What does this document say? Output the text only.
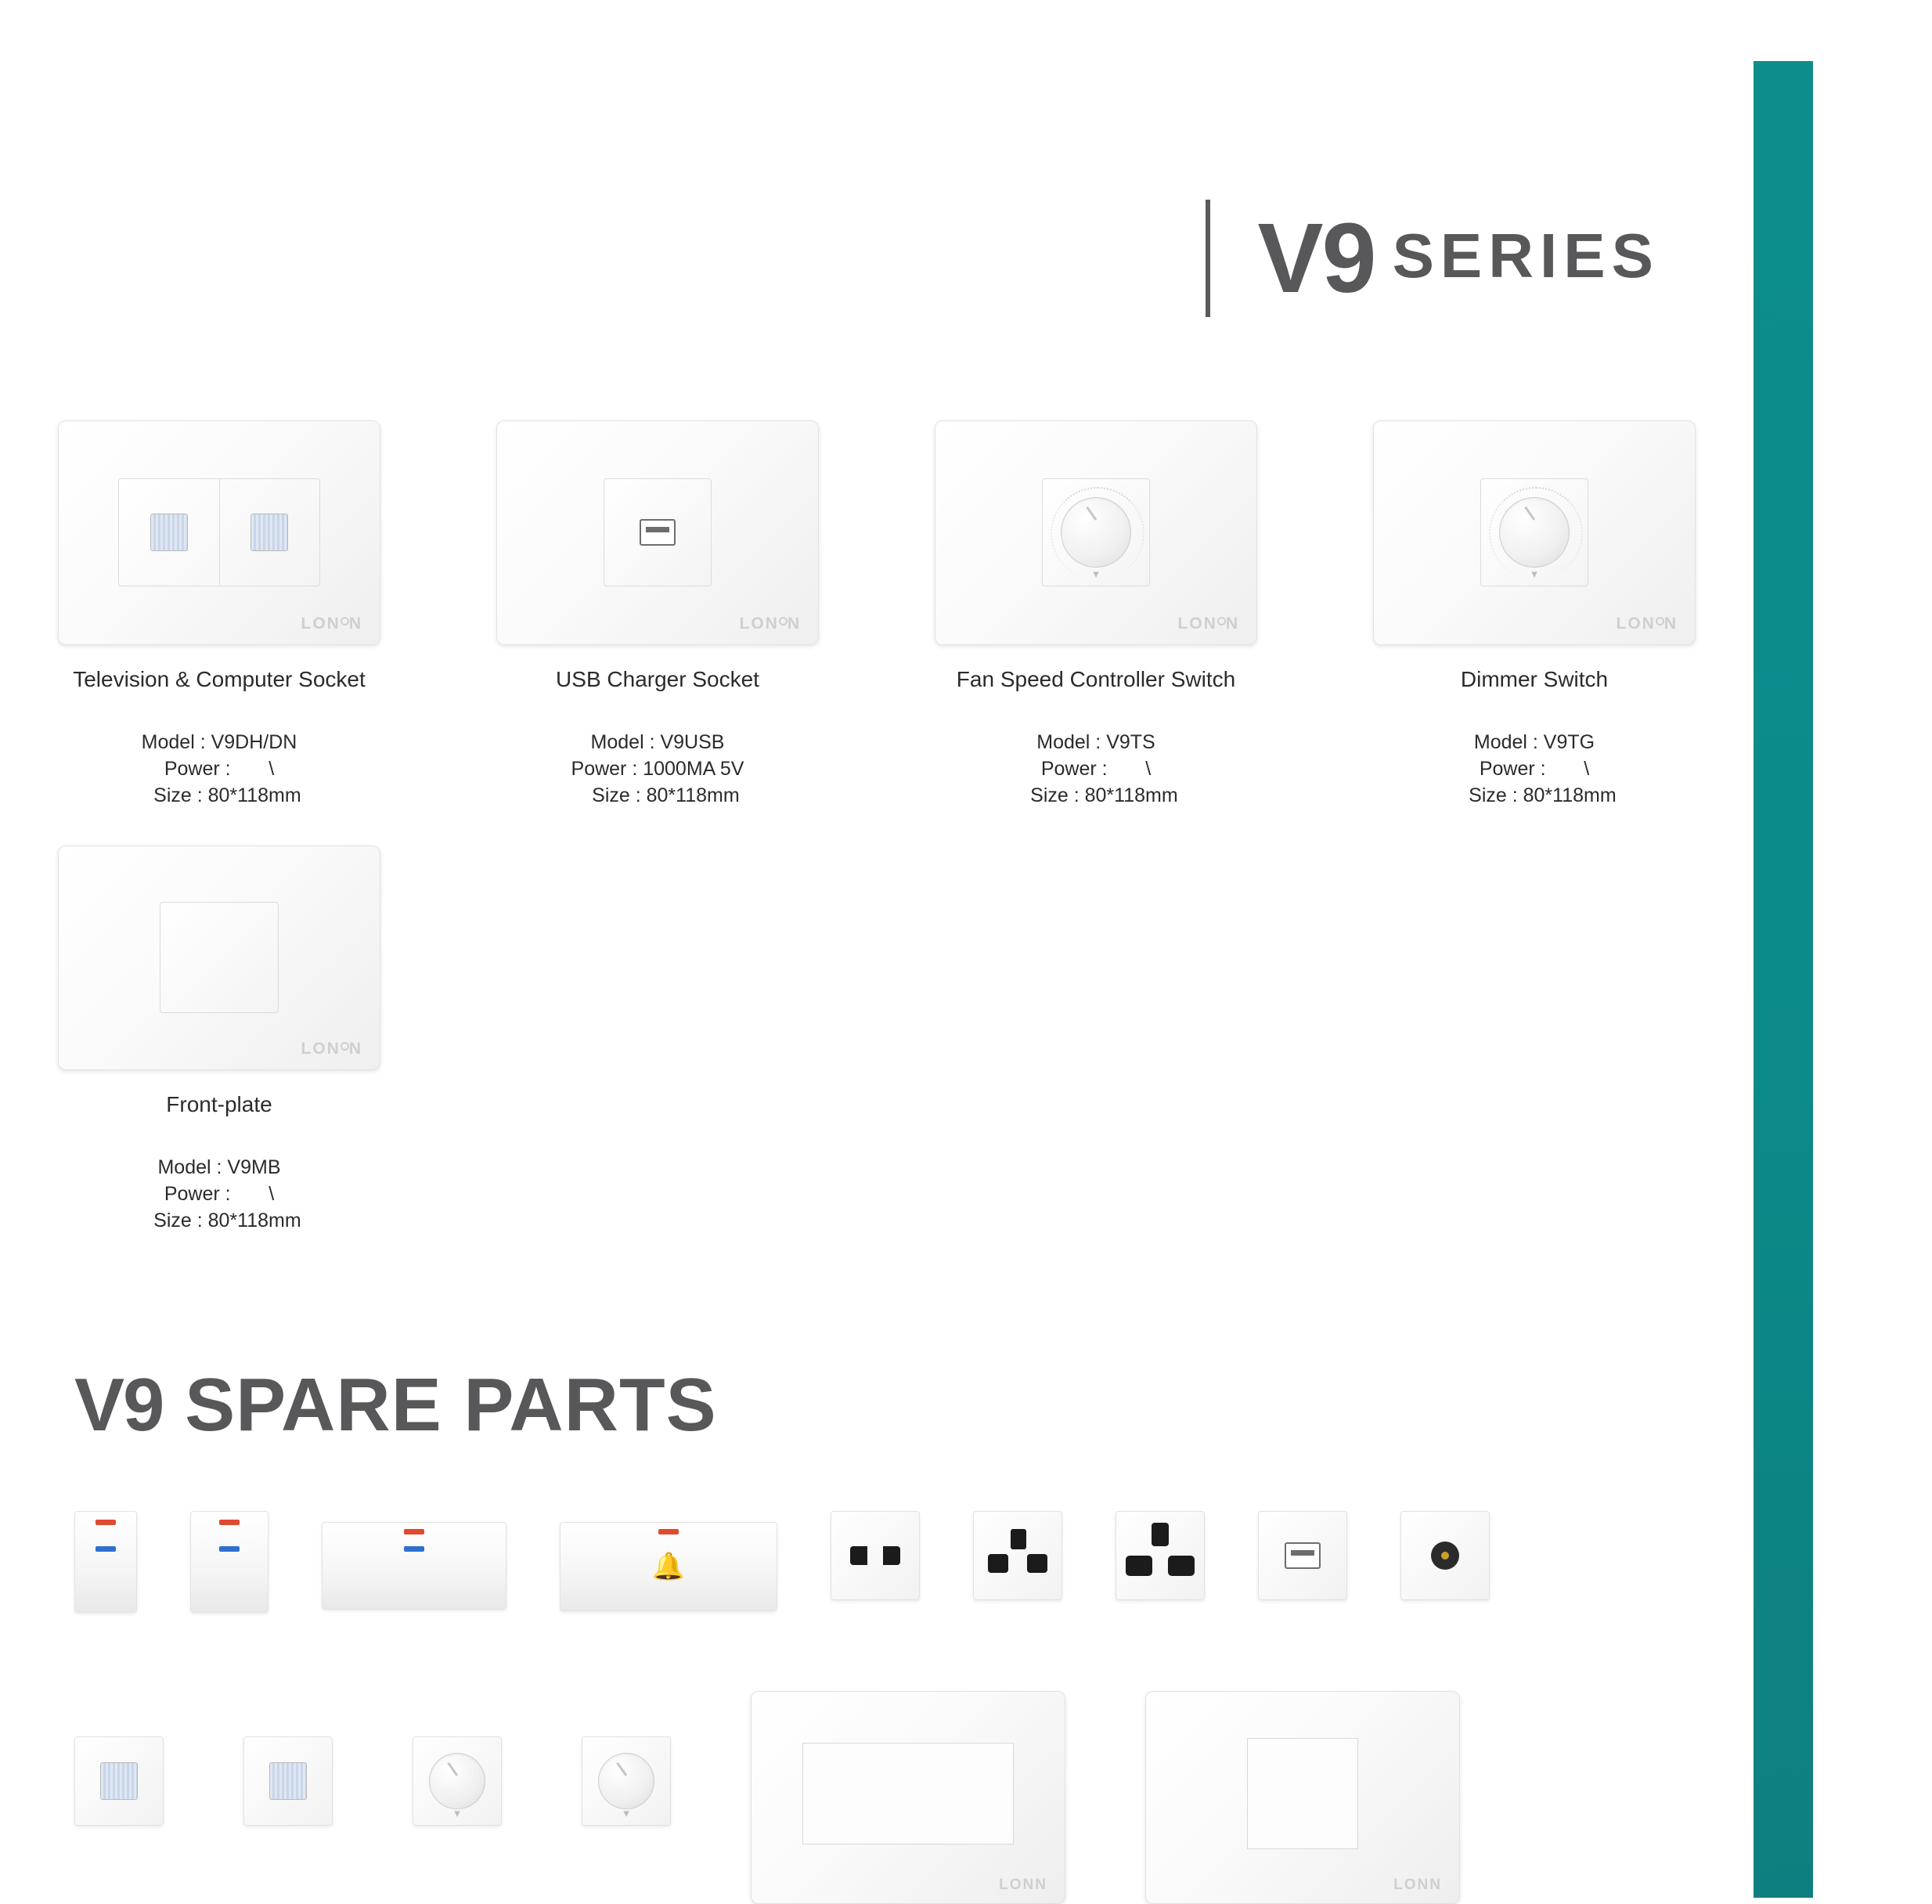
V9 SERIES
LON N
Television & Computer Socket
Model : V9DH/DN
Power :       \
Size : 80*118mm
LON N
USB Charger Socket
Model : V9USB
Power : 1000MA 5V
Size : 80*118mm
▾
LON N
Fan Speed Controller Switch
Model : V9TS
Power :       \
Size : 80*118mm
▾
LON N
Dimmer Switch
Model : V9TG
Power :       \
Size : 80*118mm
LON N
Front-plate
Model : V9MB
Power :       \
Size : 80*118mm
V9 SPARE PARTS
🔔
▾	▾
LONN	LONN
